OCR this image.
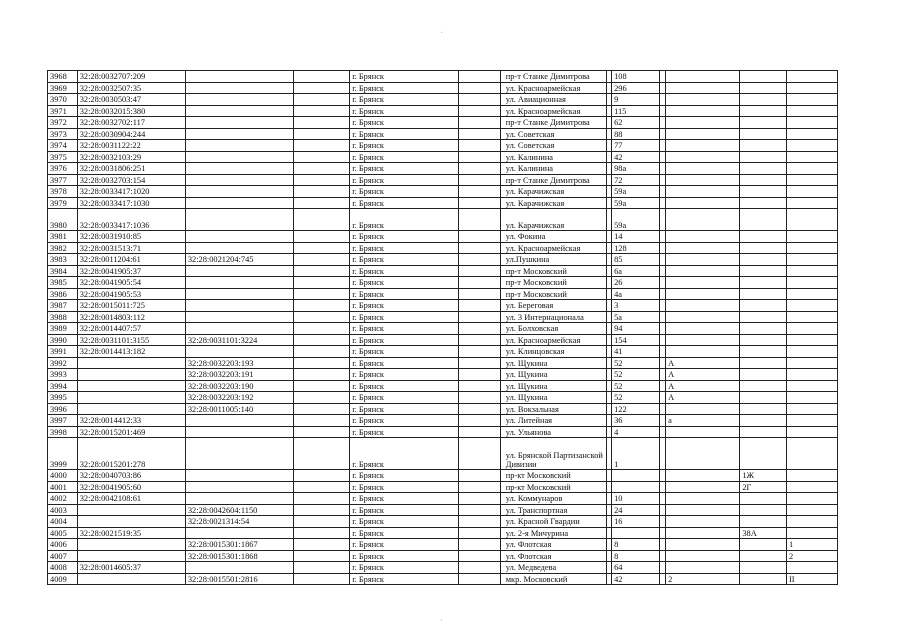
·
·
3968	32:28:0032707:209			г. Брянск		пр-т Станке Димитрова		108				
3969	32:28:0032507:35			г. Брянск		ул. Красноармейская		296				
3970	32:28:0030503:47			г. Брянск		ул. Авиационная		9				
3971	32:28:0032015:380			г. Брянск		ул. Красноармейская		115				
3972	32:28:0032702:117			г. Брянск		пр-т Станке Димитрова		62				
3973	32:28:0030904:244			г. Брянск		ул. Советская		88				
3974	32:28:0031122:22			г. Брянск		ул. Советская		77				
3975	32:28:0032103:29			г. Брянск		ул. Калинина		42				
3976	32:28:0031806:251			г. Брянск		ул. Калинина		98а				
3977	32:28:0032703:154			г. Брянск		пр-т Станке Димитрова		72				
3978	32:28:0033417:1020			г. Брянск		ул. Карачижская		59а				
3979	32:28:0033417:1030			г. Брянск		ул. Карачижская		59а				
3980	32:28:0033417:1036			г. Брянск		ул. Карачижская		59а				
3981	32:28:0031910:85			г. Брянск		ул. Фокина		14				
3982	32:28:0031513:71			г. Брянск		ул. Красноармейская		128				
3983	32:28:0011204:61	32:28:0021204:745		г. Брянск		ул.Пушкина		85				
3984	32:28:0041905:37			г. Брянск		пр-т Московский		6а				
3985	32:28:0041905:54			г. Брянск		пр-т Московский		26				
3986	32:28:0041905:53			г. Брянск		пр-т Московский		4а				
3987	32:28:0015011:725			г. Брянск		ул. Береговая		3				
3988	32:28:0014803:112			г. Брянск		ул. 3 Интернационала		5а				
3989	32:28:0014407:57			г. Брянск		ул. Болховская		94				
3990	32:28:0031101:3155	32:28:0031101:3224		г. Брянск		ул. Красноармейская		154				
3991	32:28:0014413:182			г. Брянск		ул. Клинцовская		41				
3992		32:28:0032203:193		г. Брянск		ул. Щукина		52		А		
3993		32:28:0032203:191		г. Брянск		ул. Щукина		52		А		
3994		32:28:0032203:190		г. Брянск		ул. Щукина		52		А		
3995		32:28:0032203:192		г. Брянск		ул. Щукина		52		А		
3996		32:28:0011005:140		г. Брянск		ул. Вокзальная		122				
3997	32:28:0014412:33			г. Брянск		ул. Литейная		36		а		
3998	32:28:0015201:469			г. Брянск		ул. Ульянова		4				
3999	32:28:0015201:278			г. Брянск		ул. Брянской Партизанской Дивизии		1				
4000	32:28:0040703:86			г. Брянск		пр-кт Московский					1Ж	
4001	32:28:0041905:60			г. Брянск		пр-кт Московский					2Г	
4002	32:28:0042108:61			г. Брянск		ул. Коммунаров		10				
4003		32:28:0042604:1150		г. Брянск		ул. Транспортная		24				
4004		32:28:0021314:54		г. Брянск		ул. Красной Гвардии		16				
4005	32:28:0021519:35			г. Брянск		ул. 2-я Мичурина					38А	
4006		32:28:0015301:1867		г. Брянск		ул. Флотская		8				1
4007		32:28:0015301:1868		г. Брянск		ул. Флотская		8				2
4008	32:28:0014605:37			г. Брянск		ул. Медведева		64				
4009		32:28:0015501:2816		г. Брянск		мкр. Московский		42		2		II
